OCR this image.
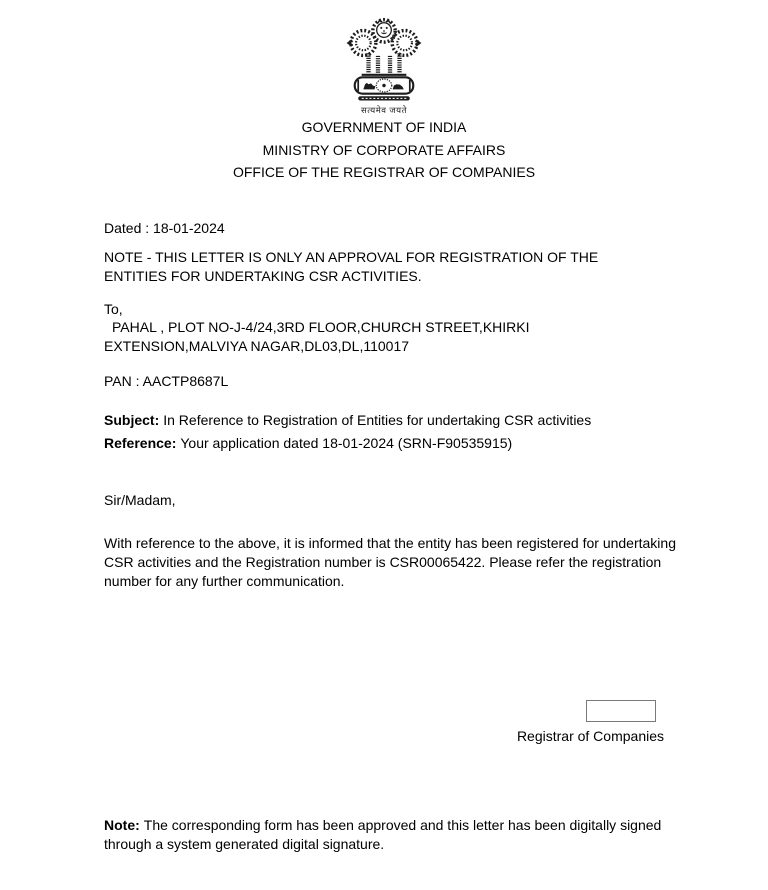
सत्यमेव जयते
GOVERNMENT OF INDIA
MINISTRY OF CORPORATE AFFAIRS
OFFICE OF THE REGISTRAR OF COMPANIES
Dated : 18-01-2024
NOTE - THIS LETTER IS ONLY AN APPROVAL FOR REGISTRATION OF THE
ENTITIES FOR UNDERTAKING CSR ACTIVITIES.
To,
PAHAL , PLOT NO-J-4/24,3RD FLOOR,CHURCH STREET,KHIRKI
EXTENSION,MALVIYA NAGAR,DL03,DL,110017
PAN : AACTP8687L
Subject: In Reference to Registration of Entities for undertaking CSR activities
Reference: Your application dated 18-01-2024 (SRN-F90535915)
Sir/Madam,
With reference to the above, it is informed that the entity has been registered for undertaking
CSR activities and the Registration number is CSR00065422. Please refer the registration
number for any further communication.
Registrar of Companies
Note: The corresponding form has been approved and this letter has been digitally signed
through a system generated digital signature.
